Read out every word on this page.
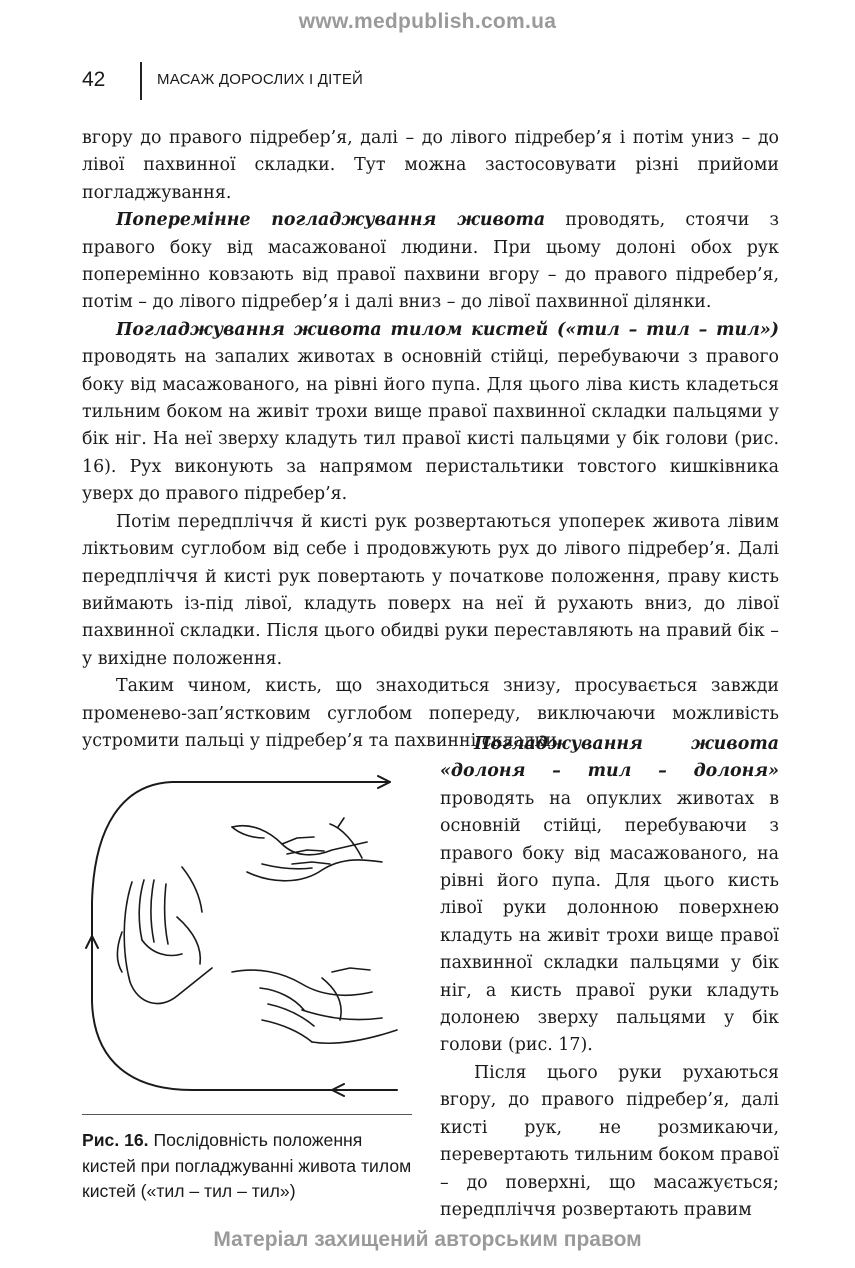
www.medpublish.com.ua
42	МАСАЖ ДОРОСЛИХ І ДІТЕЙ

вгору до правого підребер’я, далі – до лівого підребер’я і потім униз – до лівої пахвинної складки. Тут можна застосовувати різні прийоми погладжування.

Поперемінне погладжування живота проводять, стоячи з правого боку від масажованої людини. При цьому долоні обох рук поперемінно ковзають від правої пахвини вгору – до правого підребер’я, потім – до лівого підребер’я і далі вниз – до лівої пахвинної ділянки.

Погладжування живота тилом кистей («тил – тил – тил») проводять на запалих животах в основній стійці, перебуваючи з правого боку від масажованого, на рівні його пупа. Для цього ліва кисть кладеться тильним боком на живіт трохи вище правої пахвинної складки пальцями у бік ніг. На неї зверху кладуть тил правої кисті пальцями у бік голови (рис. 16). Рух виконують за напрямом перистальтики товстого кишківника уверх до правого підребер’я.

Потім передпліччя й кисті рук розвертаються упоперек живота лівим ліктьовим суглобом від себе і продовжують рух до лівого підребер’я. Далі передпліччя й кисті рук повертають у початкове положення, праву кисть виймають із-під лівої, кладуть поверх на неї й рухають вниз, до лівої пахвинної складки. Після цього обидві руки переставляють на правий бік – у вихідне положення.

Таким чином, кисть, що знаходиться знизу, просувається завжди променево-зап’ястковим суглобом попереду, виключаючи можливість устромити пальці у підребер’я та пахвинні складки.

Рис. 16. Послідовність положення кистей при погладжуванні живота тилом кистей («тил – тил – тил»)

Погладжування живота «долоня – тил – долоня» проводять на опуклих животах в основній стійці, перебуваючи з правого боку від масажованого, на рівні його пупа. Для цього кисть лівої руки долонною поверхнею кладуть на живіт трохи вище правої пахвинної складки пальцями у бік ніг, а кисть правої руки кладуть долонею зверху пальцями у бік голови (рис. 17).

Після цього руки рухаються вгору, до правого підребер’я, далі кисті рук, не розмикаючи, перевертають тильним боком правої – до поверхні, що масажується; передпліччя розвертають правим

Матеріал захищений авторським правом
